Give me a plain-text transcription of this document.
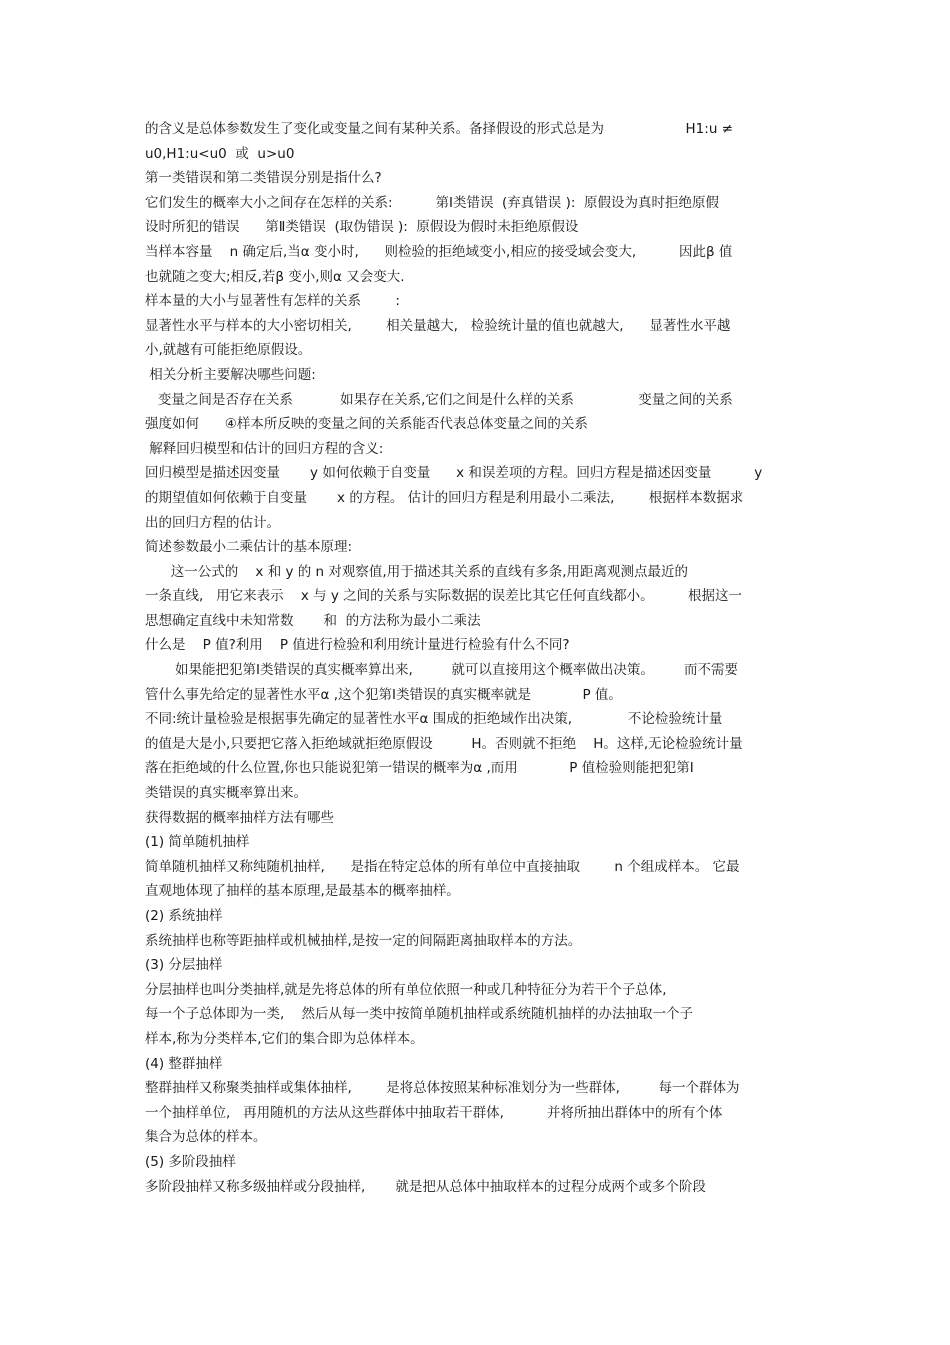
的含义是总体参数发生了变化或变量之间有某种关系。备择假设的形式总是为                   H1:u ≠
u0,H1:u<u0  或  u>u0
第一类错误和第二类错误分别是指什么?
它们发生的概率大小之间存在怎样的关系:          第Ⅰ类错误  (弃真错误 ):  原假设为真时拒绝原假
设时所犯的错误      第Ⅱ类错误  (取伪错误 ):  原假设为假时未拒绝原假设
当样本容量    n 确定后,当α 变小时,      则检验的拒绝域变小,相应的接受域会变大,          因此β 值
也就随之变大;相反,若β 变小,则α 又会变大.
样本量的大小与显著性有怎样的关系        :
显著性水平与样本的大小密切相关,        相关量越大,   检验统计量的值也就越大,      显著性水平越
小,就越有可能拒绝原假设。
相关分析主要解决哪些问题:
变量之间是否存在关系           如果存在关系,它们之间是什么样的关系               变量之间的关系
强度如何      ④样本所反映的变量之间的关系能否代表总体变量之间的关系
解释回归模型和估计的回归方程的含义:
回归模型是描述因变量       y 如何依赖于自变量      x 和误差项的方程。回归方程是描述因变量          y
的期望值如何依赖于自变量       x 的方程。 估计的回归方程是利用最小二乘法,        根据样本数据求
出的回归方程的估计。
简述参数最小二乘估计的基本原理:
这一公式的    x 和 y 的 n 对观察值,用于描述其关系的直线有多条,用距离观测点最近的
一条直线,   用它来表示    x 与 y 之间的关系与实际数据的误差比其它任何直线都小。        根据这一
思想确定直线中未知常数       和  的方法称为最小二乘法
什么是    P 值?利用    P 值进行检验和利用统计量进行检验有什么不同?
如果能把犯第Ⅰ类错误的真实概率算出来,         就可以直接用这个概率做出决策。       而不需要
管什么事先给定的显著性水平α ,这个犯第Ⅰ类错误的真实概率就是            P 值。
不同:统计量检验是根据事先确定的显著性水平α 围成的拒绝域作出决策,             不论检验统计量
的值是大是小,只要把它落入拒绝域就拒绝原假设         H。否则就不拒绝    H。这样,无论检验统计量
落在拒绝域的什么位置,你也只能说犯第一错误的概率为α ,而用            P 值检验则能把犯第Ⅰ
类错误的真实概率算出来。
获得数据的概率抽样方法有哪些
(1) 简单随机抽样
简单随机抽样又称纯随机抽样,      是指在特定总体的所有单位中直接抽取        n 个组成样本。 它最
直观地体现了抽样的基本原理,是最基本的概率抽样。
(2) 系统抽样
系统抽样也称等距抽样或机械抽样,是按一定的间隔距离抽取样本的方法。
(3) 分层抽样
分层抽样也叫分类抽样,就是先将总体的所有单位依照一种或几种特征分为若干个子总体,
每一个子总体即为一类,    然后从每一类中按简单随机抽样或系统随机抽样的办法抽取一个子
样本,称为分类样本,它们的集合即为总体样本。
(4) 整群抽样
整群抽样又称聚类抽样或集体抽样,        是将总体按照某种标准划分为一些群体,         每一个群体为
一个抽样单位,   再用随机的方法从这些群体中抽取若干群体,          并将所抽出群体中的所有个体
集合为总体的样本。
(5) 多阶段抽样
多阶段抽样又称多级抽样或分段抽样,       就是把从总体中抽取样本的过程分成两个或多个阶段
